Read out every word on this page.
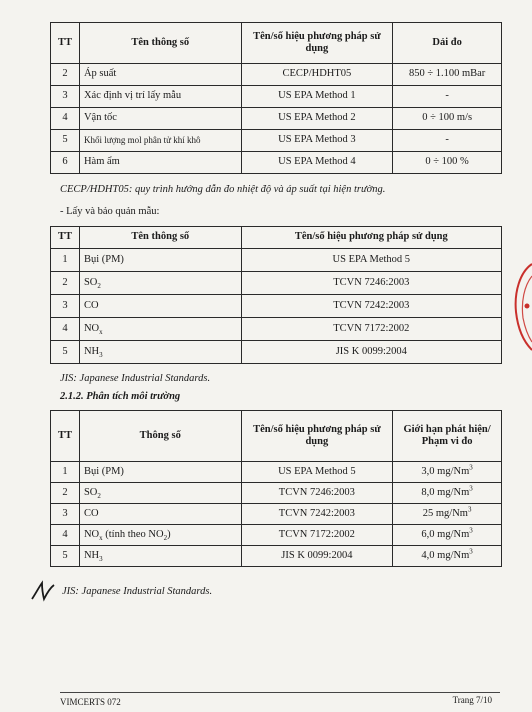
TT	Tên thông số	Tên/số hiệu phương pháp sử dụng	Dải đo
2	Áp suất	CECP/HDHT05	850 ÷ 1.100 mBar
3	Xác định vị trí lấy mẫu	US EPA Method 1	-
4	Vận tốc	US EPA Method 2	0 ÷ 100 m/s
5	Khối lượng mol phân tử khí khô	US EPA Method 3	-
6	Hàm ẩm	US EPA Method 4	0 ÷ 100 %
CECP/HDHT05: quy trình hướng dẫn đo nhiệt độ và áp suất tại hiện trường.
- Lấy và bảo quản mẫu:
TT	Tên thông số	Tên/số hiệu phương pháp sử dụng
1	Bụi (PM)	US EPA Method 5
2	$SO_2$	TCVN 7246:2003
3	CO	TCVN 7242:2003
4	$NO_x$	TCVN 7172:2002
5	$NH_3$	JIS K 0099:2004
JIS: Japanese Industrial Standards.
2.1.2. Phân tích môi trường
TT	Thông số	Tên/số hiệu phương pháp sử dụng	Giới hạn phát hiện/ Phạm vi đo
1	Bụi (PM)	US EPA Method 5	3,0 mg/Nm$^3$
2	$SO_2$	TCVN 7246:2003	8,0 mg/Nm$^3$
3	CO	TCVN 7242:2003	25 mg/Nm$^3$
4	$NO_x$ (tính theo $NO_2$)	TCVN 7172:2002	6,0 mg/Nm$^3$
5	$NH_3$	JIS K 0099:2004	4,0 mg/Nm$^3$
JIS: Japanese Industrial Standards.
VIMCERTS 072	Trang 7/10
